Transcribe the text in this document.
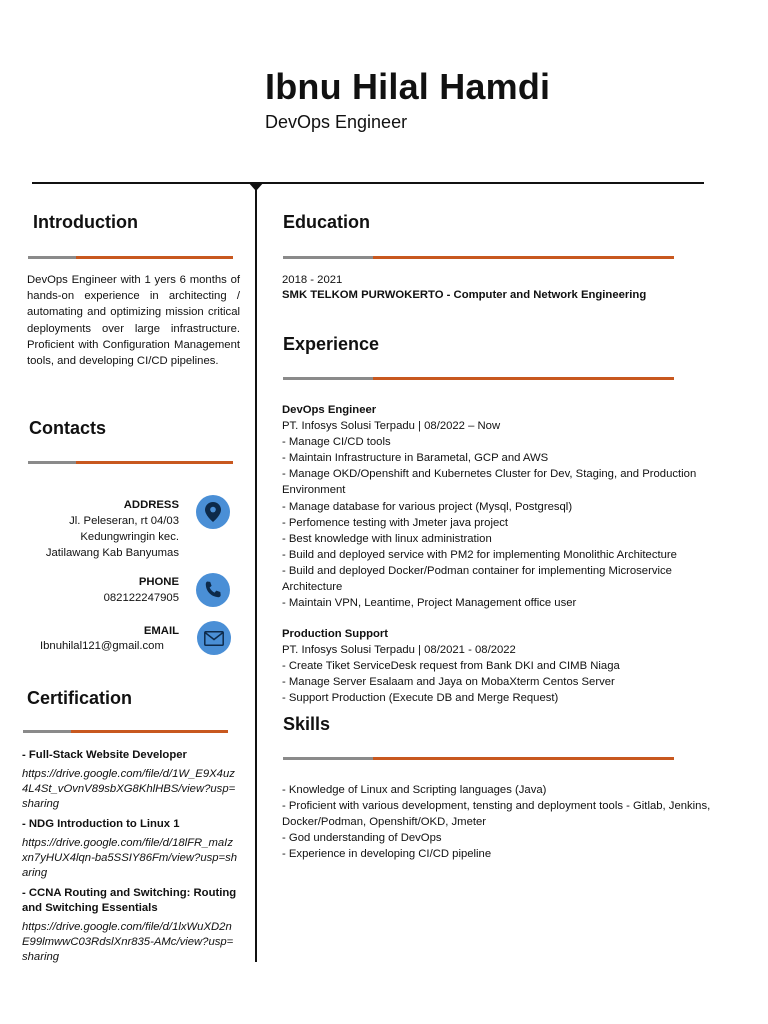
Ibnu Hilal Hamdi
DevOps Engineer
Introduction
DevOps Engineer with 1 yers 6 months of hands-on experience in architecting / automating and optimizing mission critical deployments over large infrastructure. Proficient with Configuration Management tools, and developing CI/CD pipelines.
Contacts
ADDRESS
Jl. Peleseran, rt 04/03
Kedungwringin kec.
Jatilawang Kab Banyumas
PHONE
082122247905
EMAIL
Ibnuhilal121@gmail.com
Certification
- Full-Stack Website Developer
https://drive.google.com/file/d/1W_E9X4uz4L4St_vOvnV89sbXG8KhlHBS/view?usp=sharing
- NDG Introduction to Linux 1
https://drive.google.com/file/d/18lFR_maIzxn7yHUX4lqn-ba5SSIY86Fm/view?usp=sharing
- CCNA Routing and Switching: Routing and Switching Essentials
https://drive.google.com/file/d/1lxWuXD2nE99lmwwC03RdslXnr835-AMc/view?usp=sharing
Education
2018 - 2021
SMK TELKOM PURWOKERTO - Computer and Network Engineering
Experience
DevOps Engineer
PT. Infosys Solusi Terpadu | 08/2022 – Now
- Manage CI/CD tools
- Maintain Infrastructure in Barametal, GCP and AWS
- Manage OKD/Openshift and Kubernetes Cluster for Dev, Staging, and Production Environment
- Manage database for various project (Mysql, Postgresql)
- Perfomence testing with Jmeter java project
- Best knowledge with linux administration
- Build and deployed service with PM2 for implementing Monolithic Architecture
- Build and deployed Docker/Podman container for implementing Microservice Architecture
- Maintain VPN, Leantime, Project Management office user
Production Support
PT. Infosys Solusi Terpadu | 08/2021 - 08/2022
- Create Tiket ServiceDesk request from Bank DKI and CIMB Niaga
- Manage Server Esalaam and Jaya on MobaXterm Centos Server
- Support Production (Execute DB and Merge Request)
Skills
- Knowledge of Linux and Scripting languages (Java)
- Proficient with various development, tensting and deployment tools - Gitlab, Jenkins, Docker/Podman, Openshift/OKD, Jmeter
- God understanding of DevOps
- Experience in developing CI/CD pipeline
